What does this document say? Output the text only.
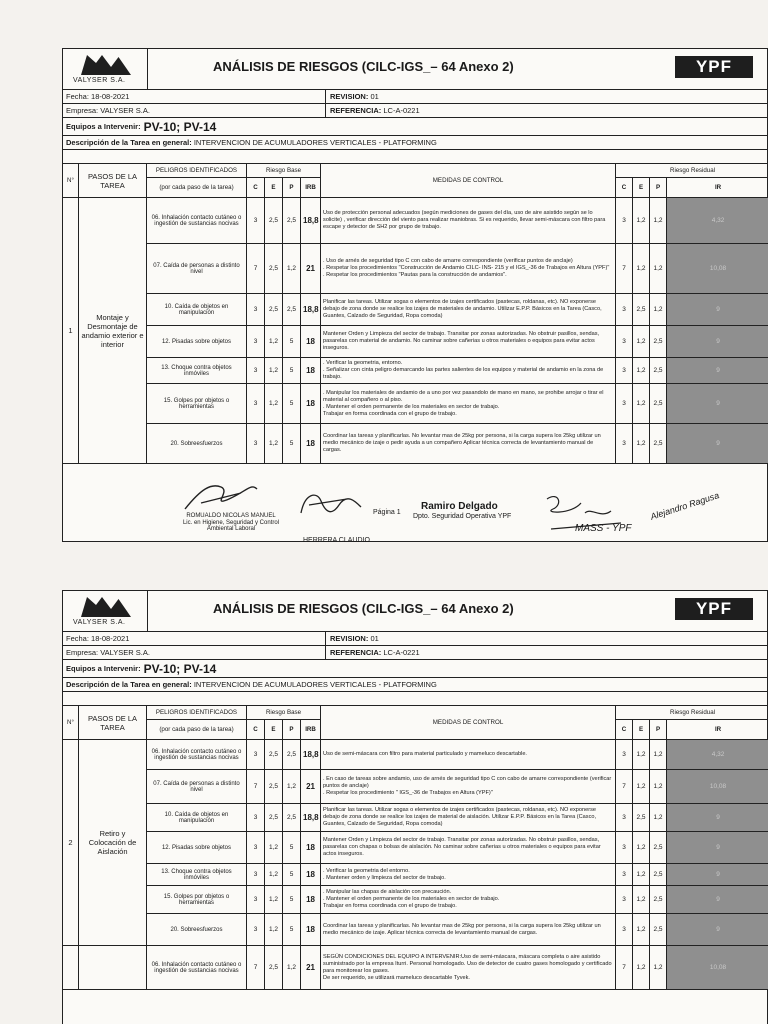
VALYSER S.A.
ANÁLISIS DE RIESGOS (CILC-IGS_– 64 Anexo 2)	YPF
Fecha:
18-08-2021	REVISION:
01
Empresa:
VALYSER S.A.	REFERENCIA:
LC-A-0221
Equipos a Intervenir: PV-10; PV-14
Descripción de la Tarea en general:
INTERVENCION DE ACUMULADORES VERTICALES - PLATFORMING
N°	PASOS DE LA TAREA	PELIGROS IDENTIFICADOS	Riesgo Base				MEDIDAS DE CONTROL	Riesgo Residual			
		(por cada paso de la tarea)	C	E	P	IRB		C	E	P	IR
1	Montaje y Desmontaje de andamio exterior e interior	06. Inhalación contacto cutáneo o ingestión de sustancias nocivas	3	2,5	2,5	18,8	Uso de protección personal adecuados (según mediciones de gases del día, uso de aire asistido según se lo solicite) , verificar dirección del viento para realizar maniobras. Si es requerido, llevar semi-máscara con filtro para escape y detector de SH2 por grupo de trabajo.	3	1,2	1,2	4,32
		07. Caída de personas a distinto nivel	7	2,5	1,2	21	. Uso de arnés de seguridad tipo C con cabo de amarre correspondiente (verificar puntos de anclaje)
. Respetar los procedimientos "Construcción de Andamio CILC- INS- 215 y el IGS_-36 de Trabajos en Altura (YPF)"
. Respetar los procedimientos "Pautas para la construcción de andamios".	7	1,2	1,2	10,08
		10. Caída de objetos en manipulación	3	2,5	2,5	18,8	Planificar las tareas. Utilizar sogas o elementos de izajes certificados (pastecas, roldanas, etc). NO exponerse debajo de zona donde se realice los izajes de materiales de andamio. Utilizar E.P.P. Básicos en la Tarea (Casco, Guantes, Calzado de Seguridad, Ropa comoda)	3	2,5	1,2	9
		12. Pisadas sobre objetos	3	1,2	5	18	Mantener Orden y Limpieza del sector de trabajo. Transitar por zonas autorizadas. No obstruir pasillos, sendas, pasarelas con material de andamio. No caminar sobre cañerias u otros materiales o equipos para evitar actos inseguros.	3	1,2	2,5	9
		13. Choque contra objetos inmóviles	3	1,2	5	18	. Verificar la geometria, entorno.
. Señalizar con cinta peligro demarcando las partes salientes de los equipos y material de andamio en la zona de trabajo.	3	1,2	2,5	9
		15. Golpes por objetos o herramientas	3	1,2	5	18	. Manipular los materiales de andamio de a uno por vez pasandolo de mano en mano, se prohibe arrojar o tirar el material al compañero o al piso.
. Mantener el orden permanente de los materiales en sector de trabajo.
Trabajar en forma coordinada con el grupo de trabajo.	3	1,2	2,5	9
		20. Sobreesfuerzos	3	1,2	5	18	Coordinar las tareas y planificarlas. No levantar mas de 25kg por persona, si la carga supera los 25kg utilizar un medio mecánico de izaje o pedir ayuda a un compañero Aplicar técnica correcta de levantamiento manual de cargas.	3	1,2	2,5	9
ROMUALDO NICOLAS MANUEL
Lic. en Higiene, Seguridad y Control Ambiental Laboral
Página 1
Ramiro Delgado
Dpto. Seguridad Operativa YPF
MASS - YPF
Alejandro Ragusa
HERRERA CLAUDIO
VALYSER S.A.
ANÁLISIS DE RIESGOS (CILC-IGS_– 64 Anexo 2)	YPF
Fecha:
18-08-2021	REVISION:
01
Empresa:
VALYSER S.A.	REFERENCIA:
LC-A-0221
Equipos a Intervenir: PV-10; PV-14
Descripción de la Tarea en general:
INTERVENCION DE ACUMULADORES VERTICALES - PLATFORMING
N°	PASOS DE LA TAREA	PELIGROS IDENTIFICADOS	Riesgo Base				MEDIDAS DE CONTROL	Riesgo Residual			
		(por cada paso de la tarea)	C	E	P	IRB		C	E	P	IR
2	Retiro y Colocación de Aislación	06. Inhalación contacto cutáneo o ingestión de sustancias nocivas	3	2,5	2,5	18,8	Uso de semi-máscara con filtro para material particulado y mameluco descartable.	3	1,2	1,2	4,32
		07. Caída de personas a distinto nivel	7	2,5	1,2	21	. En caso de tareas sobre andamio, uso de arnés de seguridad tipo C con cabo de amarre correspondiente (verificar puntos de anclaje)
. Respetar los procedimiento " IGS_-36 de Trabajos en Altura (YPF)"	7	1,2	1,2	10,08
		10. Caída de objetos en manipulación	3	2,5	2,5	18,8	Planificar las tareas. Utilizar sogas o elementos de izajes certificados (pastecas, roldanas, etc). NO exponerse debajo de zona donde se realice los izajes de material de aislación. Utilizar E.P.P. Básicos en la Tarea (Casco, Guantes, Calzado de Seguridad, Ropa comoda)	3	2,5	1,2	9
		12. Pisadas sobre objetos	3	1,2	5	18	Mantener Orden y Limpieza del sector de trabajo. Transitar por zonas autorizadas. No obstruir pasillos, sendas, pasarelas con chapas o bolsas de aislación. No caminar sobre cañerias u otros materiales o equipos para evitar actos inseguros.	3	1,2	2,5	9
		13. Choque contra objetos inmóviles	3	1,2	5	18	. Verificar la geometria del entorno.
. Mantener orden y limpieza del sector de trabajo.	3	1,2	2,5	9
		15. Golpes por objetos o herramientas	3	1,2	5	18	. Manipular las chapas de aislación con precaución.
. Mantener el orden permanente de los materiales en sector de trabajo.
Trabajar en forma coordinada con el grupo de trabajo.	3	1,2	2,5	9
		20. Sobreesfuerzos	3	1,2	5	18	Coordinar las tareas y planificarlas. No levantar mas de 25kg por persona, si la carga supera los 25kg utilizar un medio mecánico de izaje. Aplicar técnica correcta de levantamiento manual de cargas.	3	1,2	2,5	9
		06. Inhalación contacto cutáneo o ingestión de sustancias nocivas	7	2,5	1,2	21	SEGÚN CONDICIONES DEL EQUIPO A INTERVENIR:Uso de semi-máscara, máscara completa o aire asistido suministrado por la empresa Iturri. Personal homologado. Uso de detector de cuatro gases homologado y certificado para monitorear los gases.
De ser requerido, se utilizará mameluco descartable Tyvek.	7	1,2	1,2	10,08
